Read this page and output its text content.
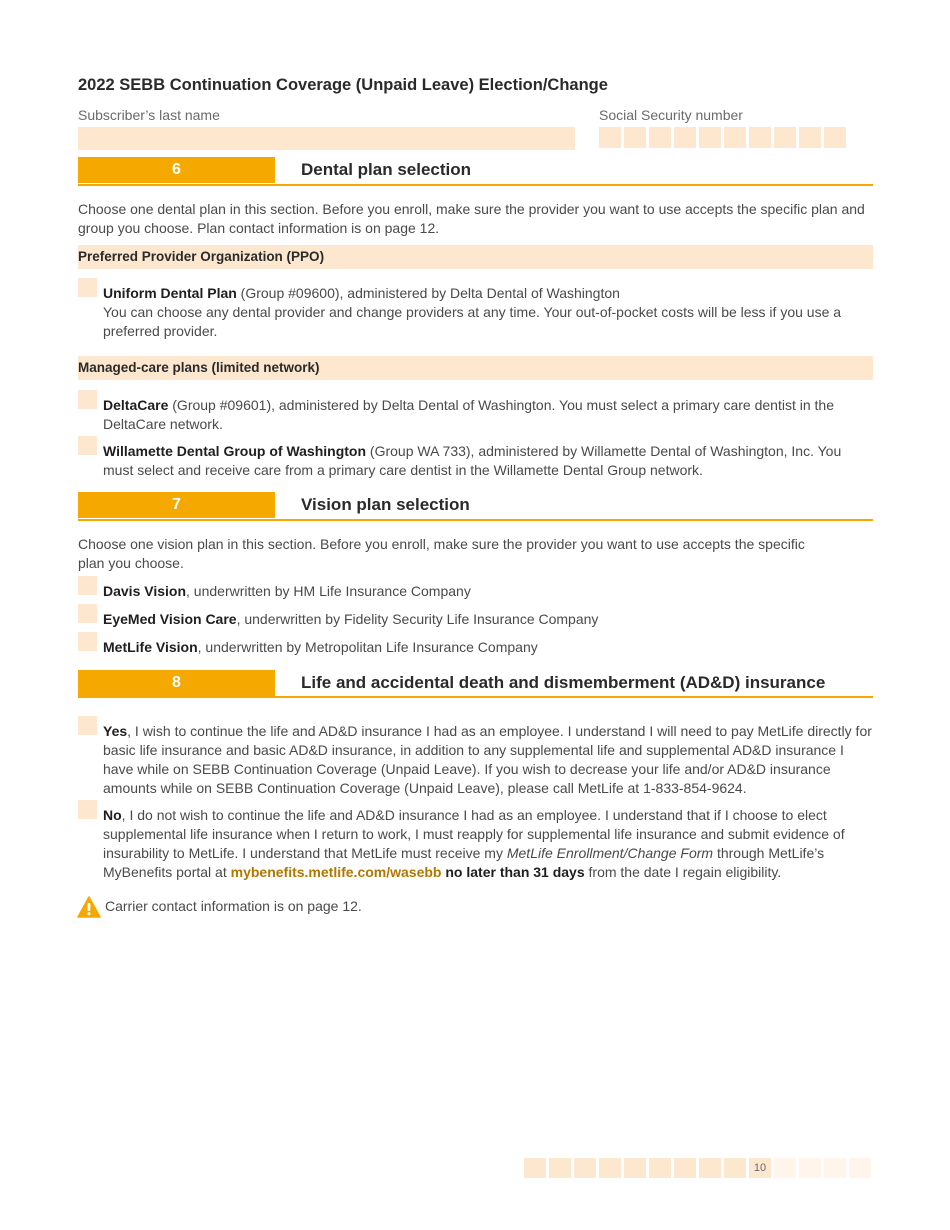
2022 SEBB Continuation Coverage (Unpaid Leave) Election/Change
Subscriber’s last name	Social Security number
6	Dental plan selection
Choose one dental plan in this section. Before you enroll, make sure the provider you want to use accepts the specific plan and group you choose. Plan contact information is on page 12.
Preferred Provider Organization (PPO)
Uniform Dental Plan (Group #09600), administered by Delta Dental of Washington
You can choose any dental provider and change providers at any time. Your out-of-pocket costs will be less if you use a preferred provider.
Managed-care plans (limited network)
DeltaCare (Group #09601), administered by Delta Dental of Washington. You must select a primary care dentist in the DeltaCare network.
Willamette Dental Group of Washington (Group WA 733), administered by Willamette Dental of Washington, Inc. You must select and receive care from a primary care dentist in the Willamette Dental Group network.
7	Vision plan selection
Choose one vision plan in this section. Before you enroll, make sure the provider you want to use accepts the specific plan you choose.
Davis Vision, underwritten by HM Life Insurance Company
EyeMed Vision Care, underwritten by Fidelity Security Life Insurance Company
MetLife Vision, underwritten by Metropolitan Life Insurance Company
8	Life and accidental death and dismemberment (AD&D) insurance
Yes, I wish to continue the life and AD&D insurance I had as an employee. I understand I will need to pay MetLife directly for basic life insurance and basic AD&D insurance, in addition to any supplemental life and supplemental AD&D insurance I have while on SEBB Continuation Coverage (Unpaid Leave). If you wish to decrease your life and/or AD&D insurance amounts while on SEBB Continuation Coverage (Unpaid Leave), please call MetLife at 1-833-854-9624.
No, I do not wish to continue the life and AD&D insurance I had as an employee. I understand that if I choose to elect supplemental life insurance when I return to work, I must reapply for supplemental life insurance and submit evidence of insurability to MetLife. I understand that MetLife must receive my MetLife Enrollment/Change Form through MetLife’s MyBenefits portal at mybenefits.metlife.com/wasebb no later than 31 days from the date I regain eligibility.
Carrier contact information is on page 12.
10
